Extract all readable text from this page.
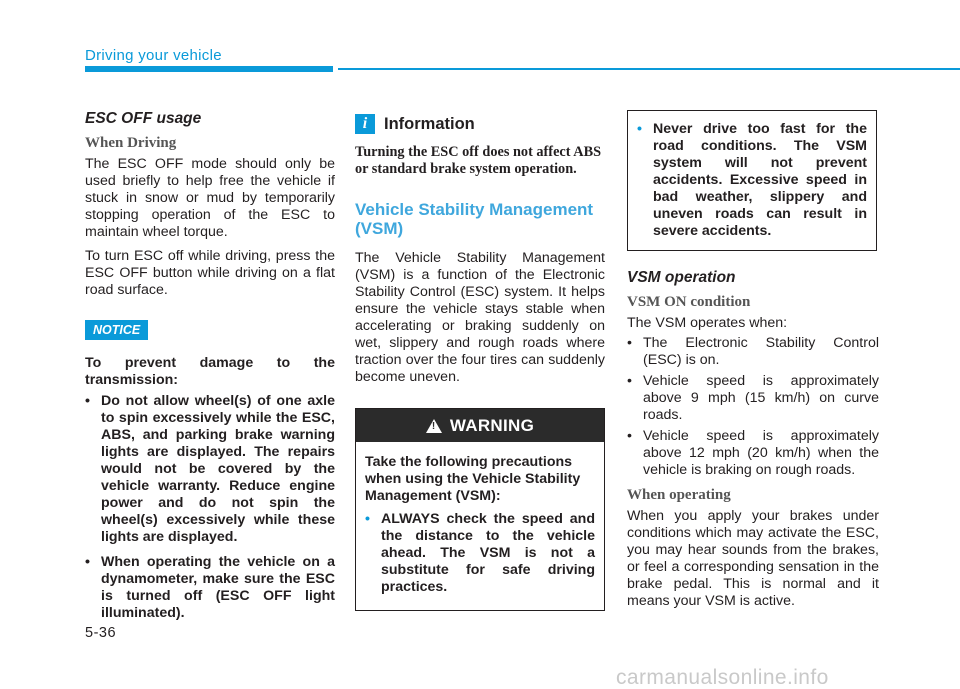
Driving your vehicle
ESC OFF usage
When Driving

The ESC OFF mode should only be used briefly to help free the vehicle if stuck in snow or mud by temporarily stopping operation of the ESC to maintain wheel torque.

To turn ESC off while driving, press the ESC OFF button while driving on a flat road surface.

NOTICE

To prevent damage to the transmission:

• Do not allow wheel(s) of one axle to spin excessively while the ESC, ABS, and parking brake warning lights are displayed. The repairs would not be covered by the vehicle warranty. Reduce engine power and do not spin the wheel(s) excessively while these lights are displayed.
• When operating the vehicle on a dynamometer, make sure the ESC is turned off (ESC OFF light illuminated).
i	Information

Turning the ESC off does not affect ABS or standard brake system operation.

Vehicle Stability Management (VSM)

The Vehicle Stability Management (VSM) is a function of the Electronic Stability Control (ESC) system. It helps ensure the vehicle stays stable when accelerating or braking suddenly on wet, slippery and rough roads where traction over the four tires can suddenly become uneven.

! WARNING

Take the following precautions when using the Vehicle Stability Management (VSM):

• ALWAYS check the speed and the distance to the vehicle ahead. The VSM is not a substitute for safe driving practices.
• Never drive too fast for the road conditions. The VSM system will not prevent accidents. Excessive speed in bad weather, slippery and uneven roads can result in severe accidents.
VSM operation
VSM ON condition

The VSM operates when:

• The Electronic Stability Control (ESC) is on.
• Vehicle speed is approximately above 9 mph (15 km/h) on curve roads.
• Vehicle speed is approximately above 12 mph (20 km/h) when the vehicle is braking on rough roads.
When operating

When you apply your brakes under conditions which may activate the ESC, you may hear sounds from the brakes, or feel a corresponding sensation in the brake pedal. This is normal and it means your VSM is active.

5-36
carmanualsonline.info
